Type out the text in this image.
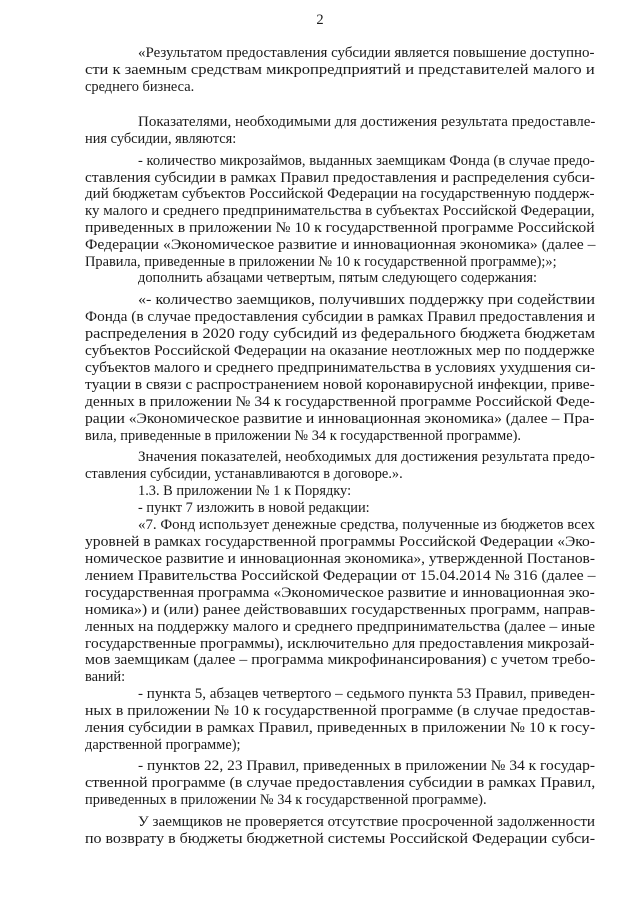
2
«Результатом предоставления субсидии является повышение доступно-
сти к заемным средствам микропредприятий и представителей малого и
среднего бизнеса.
Показателями, необходимыми для достижения результата предоставле-
ния субсидии, являются:
- количество микрозаймов, выданных заемщикам Фонда (в случае предо-
ставления субсидии в рамках Правил предоставления и распределения субси-
дий бюджетам субъектов Российской Федерации на государственную поддерж-
ку малого и среднего предпринимательства в субъектах Российской Федерации,
приведенных в приложении № 10 к государственной программе Российской
Федерации «Экономическое развитие и инновационная экономика» (далее –
Правила, приведенные в приложении № 10 к государственной программе);»;
дополнить абзацами четвертым, пятым следующего содержания:
«- количество заемщиков, получивших поддержку при содействии
Фонда (в случае предоставления субсидии в рамках Правил предоставления и
распределения в 2020 году субсидий из федерального бюджета бюджетам
субъектов Российской Федерации на оказание неотложных мер по поддержке
субъектов малого и среднего предпринимательства в условиях ухудшения си-
туации в связи с распространением новой коронавирусной инфекции, приве-
денных в приложении № 34 к государственной программе Российской Феде-
рации «Экономическое развитие и инновационная экономика» (далее – Пра-
вила, приведенные в приложении № 34 к государственной программе).
Значения показателей, необходимых для достижения результата предо-
ставления субсидии, устанавливаются в договоре.».
1.3. В приложении № 1 к Порядку:
- пункт 7 изложить в новой редакции:
«7. Фонд использует денежные средства, полученные из бюджетов всех
уровней в рамках государственной программы Российской Федерации «Эко-
номическое развитие и инновационная экономика», утвержденной Постанов-
лением Правительства Российской Федерации от 15.04.2014 № 316 (далее –
государственная программа «Экономическое развитие и инновационная эко-
номика») и (или) ранее действовавших государственных программ, направ-
ленных на поддержку малого и среднего предпринимательства (далее – иные
государственные программы), исключительно для предоставления микрозай-
мов заемщикам (далее – программа микрофинансирования) с учетом требо-
ваний:
- пункта 5, абзацев четвертого – седьмого пункта 53 Правил, приведен-
ных в приложении № 10 к государственной программе (в случае предостав-
ления субсидии в рамках Правил, приведенных в приложении № 10 к госу-
дарственной программе);
- пунктов 22, 23 Правил, приведенных в приложении № 34 к государ-
ственной программе (в случае предоставления субсидии в рамках Правил,
приведенных в приложении № 34 к государственной программе).
У заемщиков не проверяется отсутствие просроченной задолженности
по возврату в бюджеты бюджетной системы Российской Федерации субси-
